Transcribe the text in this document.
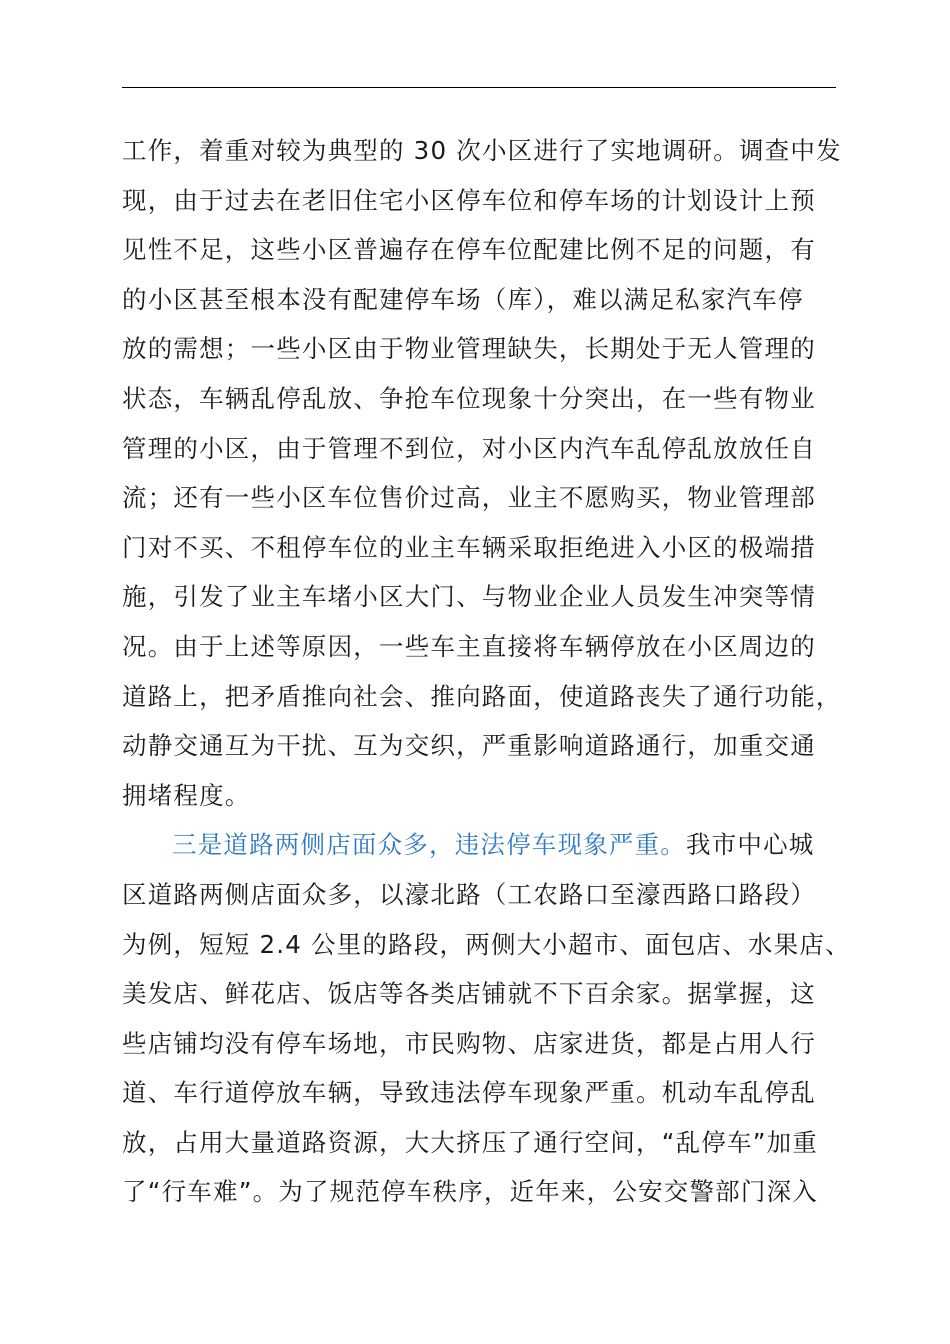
工作，着重对较为典型的 30 次小区进行了实地调研。调查中发
现，由于过去在老旧住宅小区停车位和停车场的计划设计上预
见性不足，这些小区普遍存在停车位配建比例不足的问题，有
的小区甚至根本没有配建停车场（库），难以满足私家汽车停
放的需想；一些小区由于物业管理缺失，长期处于无人管理的
状态，车辆乱停乱放、争抢车位现象十分突出，在一些有物业
管理的小区，由于管理不到位，对小区内汽车乱停乱放放任自
流；还有一些小区车位售价过高，业主不愿购买，物业管理部
门对不买、不租停车位的业主车辆采取拒绝进入小区的极端措
施，引发了业主车堵小区大门、与物业企业人员发生冲突等情
况。由于上述等原因，一些车主直接将车辆停放在小区周边的
道路上，把矛盾推向社会、推向路面，使道路丧失了通行功能，
动静交通互为干扰、互为交织，严重影响道路通行，加重交通
拥堵程度。
三是道路两侧店面众多，违法停车现象严重。我市中心城
区道路两侧店面众多，以濠北路（工农路口至濠西路口路段）
为例，短短 2.4 公里的路段，两侧大小超市、面包店、水果店、
美发店、鲜花店、饭店等各类店铺就不下百余家。据掌握，这
些店铺均没有停车场地，市民购物、店家进货，都是占用人行
道、车行道停放车辆，导致违法停车现象严重。机动车乱停乱
放，占用大量道路资源，大大挤压了通行空间，“乱停车”加重
了“行车难”。为了规范停车秩序，近年来，公安交警部门深入
